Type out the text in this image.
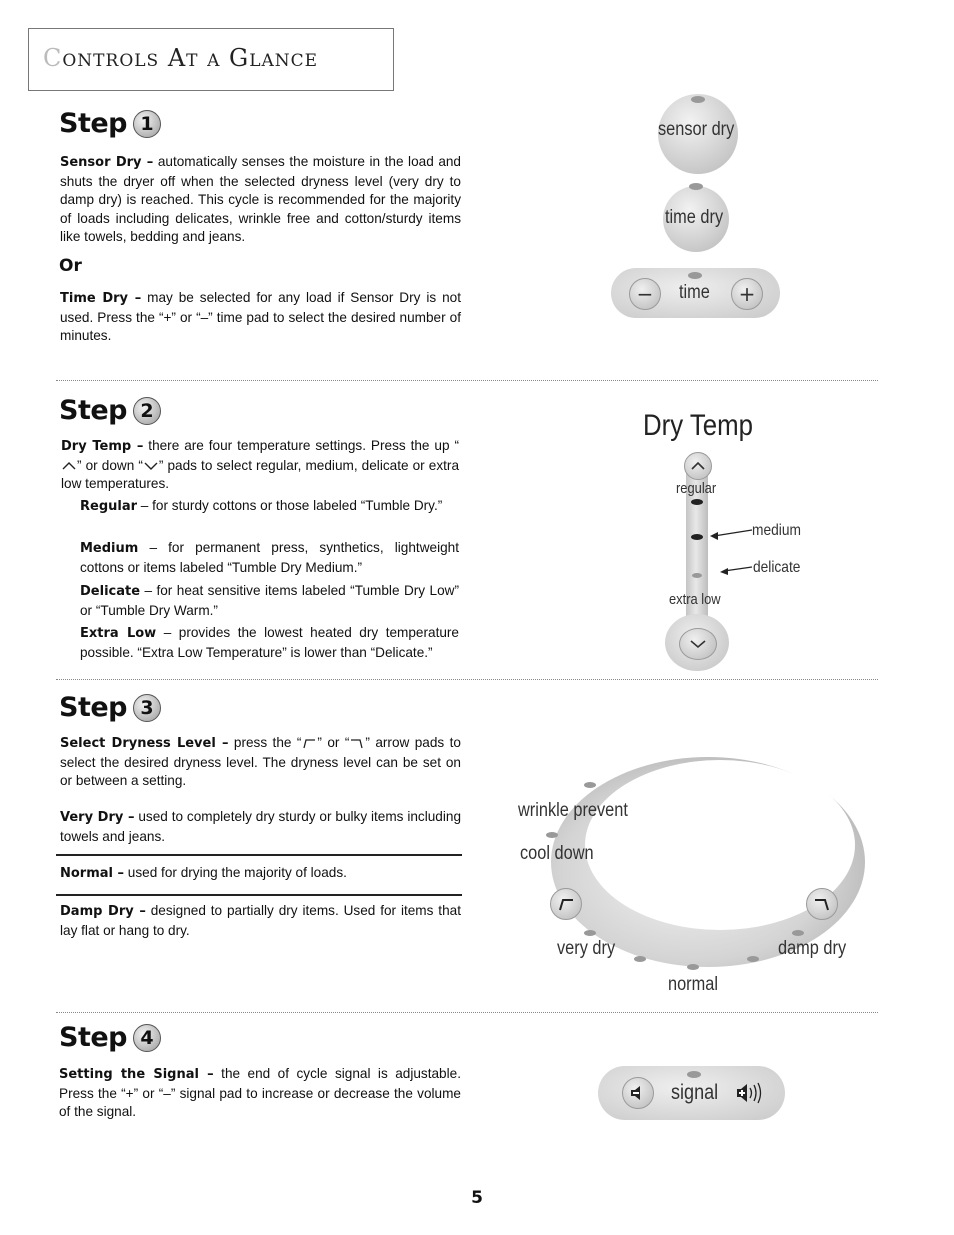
Controls At a Glance
Step 1

Sensor Dry – automatically senses the moisture in the load and shuts the dryer off when the selected dryness level (very dry to damp dry) is reached. This cycle is recommended for the majority of loads including delicates, wrinkle free and cotton/sturdy items like towels, bedding and jeans.

Or

Time Dry – may be selected for any load if Sensor Dry is not used. Press the “+” or “–” time pad to select the desired number of minutes.

sensor dry
time dry
−	time	+
Step 2

Dry Temp – there are four temperature settings. Press the up “” or down “ ” pads to select regular, medium, delicate or extra low temperatures.

Regular – for sturdy cottons or those labeled “Tumble Dry.”

Medium – for permanent press, synthetics, lightweight cottons or items labeled “Tumble Dry Medium.”

Delicate – for heat sensitive items labeled “Tumble Dry Low” or “Tumble Dry Warm.”

Extra Low – provides the lowest heated dry temperature possible. “Extra Low Temperature” is lower than “Delicate.”

Dry Temp
regular
extra low
medium
delicate
Step 3

Select Dryness Level – press the “ ” or “ ” arrow pads to select the desired dryness level. The dryness level can be set on or between a setting.

Very Dry – used to completely dry sturdy or bulky items including towels and jeans.

Normal – used for drying the majority of loads.

Damp Dry – designed to partially dry items. Used for items that lay flat or hang to dry.

wrinkle prevent
cool down
very dry	damp dry
normal
Step 4

Setting the Signal – the end of cycle signal is adjustable. Press the “+” or “–” signal pad to increase or decrease the volume of the signal.

signal
5
